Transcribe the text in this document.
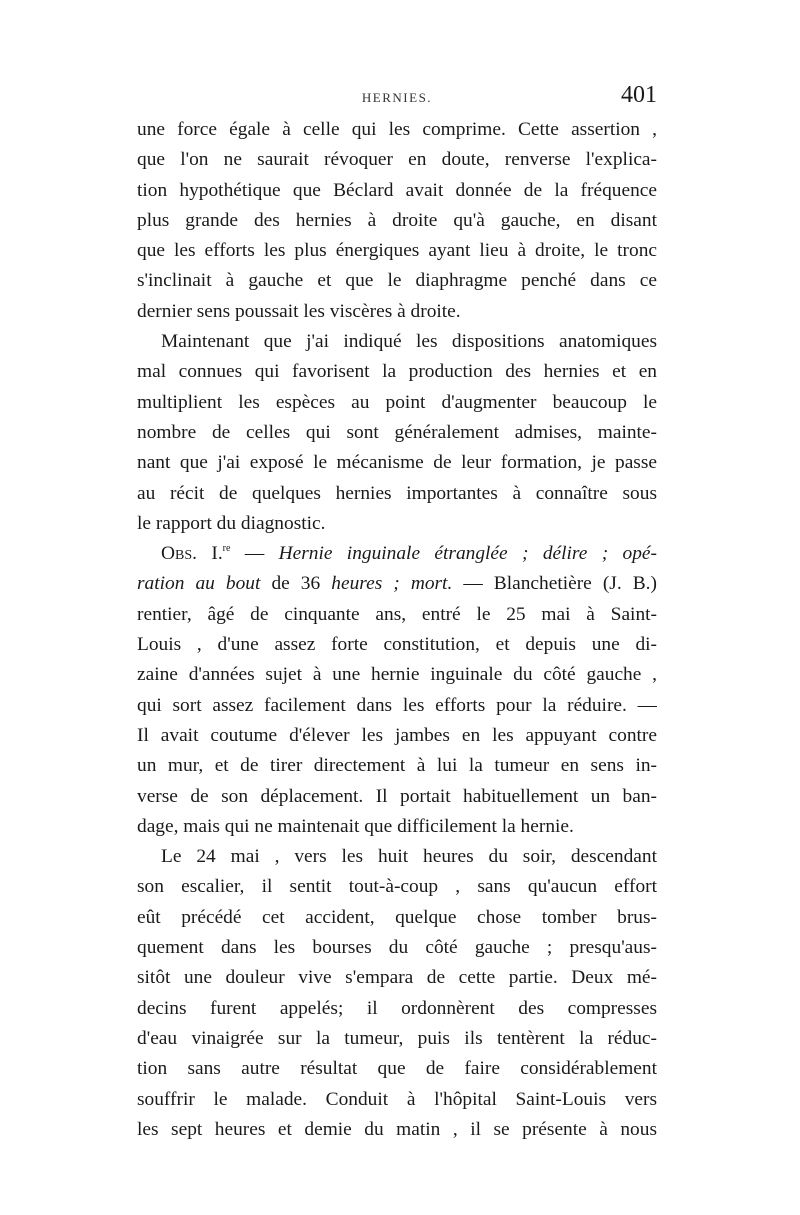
HERNIES.	401
une force égale à celle qui les comprime. Cette assertion ,
que l'on ne saurait révoquer en doute, renverse l'explica-
tion hypothétique que Béclard avait donnée de la fréquence
plus grande des hernies à droite qu'à gauche, en disant
que les efforts les plus énergiques ayant lieu à droite, le tronc
s'inclinait à gauche et que le diaphragme penché dans ce
dernier sens poussait les viscères à droite.
Maintenant que j'ai indiqué les dispositions anatomiques
mal connues qui favorisent la production des hernies et en
multiplient les espèces au point d'augmenter beaucoup le
nombre de celles qui sont généralement admises, mainte-
nant que j'ai exposé le mécanisme de leur formation, je passe
au récit de quelques hernies importantes à connaître sous
le rapport du diagnostic.
Obs. I.$^{re}$ — Hernie inguinale étranglée ; délire ; opé-
ration au bout de 36 heures ; mort. — Blanchetière (J. B.)
rentier, âgé de cinquante ans, entré le 25 mai à Saint-
Louis , d'une assez forte constitution, et depuis une di-
zaine d'années sujet à une hernie inguinale du côté gauche ,
qui sort assez facilement dans les efforts pour la réduire. —
Il avait coutume d'élever les jambes en les appuyant contre
un mur, et de tirer directement à lui la tumeur en sens in-
verse de son déplacement. Il portait habituellement un ban-
dage, mais qui ne maintenait que difficilement la hernie.
Le 24 mai , vers les huit heures du soir, descendant
son escalier, il sentit tout-à-coup , sans qu'aucun effort
eût précédé cet accident, quelque chose tomber brus-
quement dans les bourses du côté gauche ; presqu'aus-
sitôt une douleur vive s'empara de cette partie. Deux mé-
decins furent appelés; il ordonnèrent des compresses
d'eau vinaigrée sur la tumeur, puis ils tentèrent la réduc-
tion sans autre résultat que de faire considérablement
souffrir le malade. Conduit à l'hôpital Saint-Louis vers
les sept heures et demie du matin , il se présente à nous
